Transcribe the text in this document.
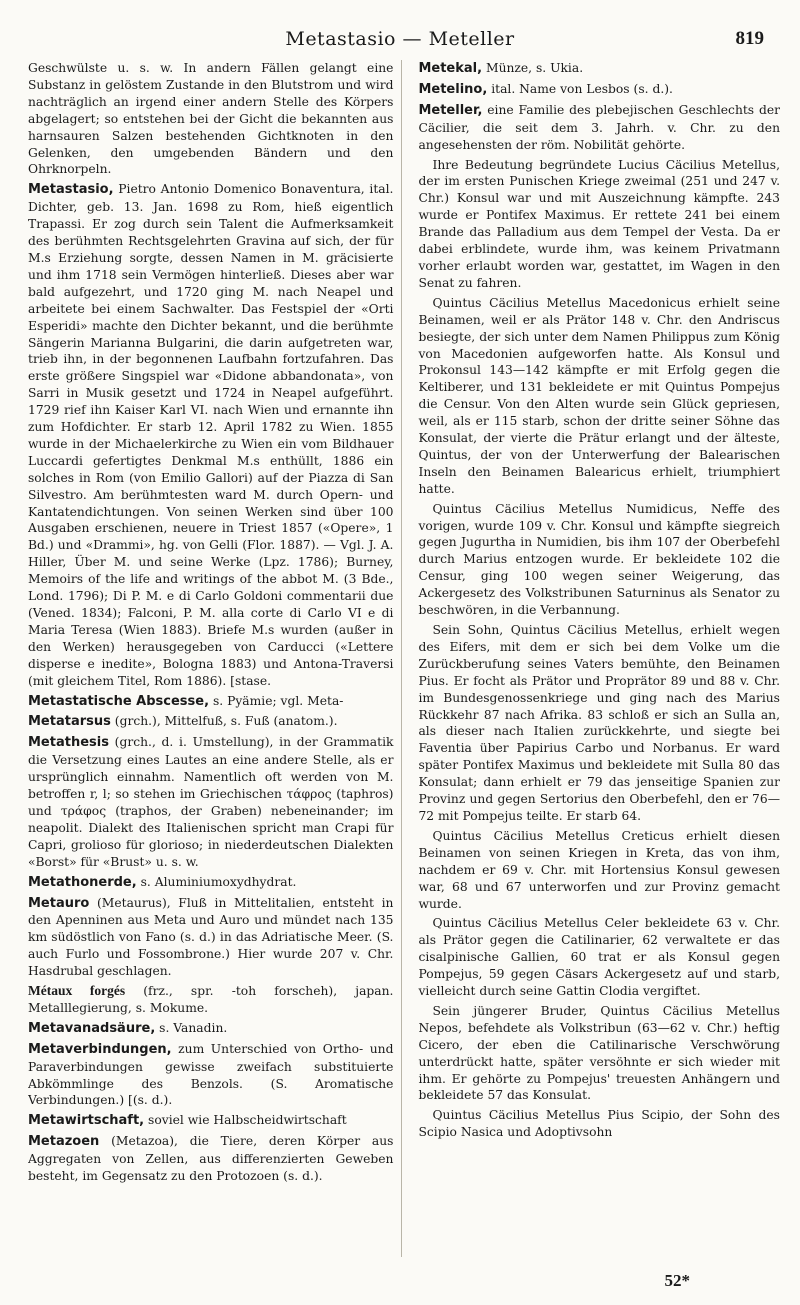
Metastasio — Meteller	819

Geschwülste u. s. w. In andern Fällen gelangt eine Substanz in gelöstem Zustande in den Blutstrom und wird nachträglich an irgend einer andern Stelle des Körpers abgelagert; so entstehen bei der Gicht die bekannten aus harnsauren Salzen bestehenden Gichtknoten in den Gelenken, den umgebenden Bändern und den Ohrknorpeln.

Metastasio, Pietro Antonio Domenico Bonaventura, ital. Dichter, geb. 13. Jan. 1698 zu Rom, hieß eigentlich Trapassi. Er zog durch sein Talent die Aufmerksamkeit des berühmten Rechtsgelehrten Gravina auf sich, der für M.s Erziehung sorgte, dessen Namen in M. gräcisierte und ihm 1718 sein Vermögen hinterließ. Dieses aber war bald aufgezehrt, und 1720 ging M. nach Neapel und arbeitete bei einem Sachwalter. Das Festspiel der «Orti Esperidi» machte den Dichter bekannt, und die berühmte Sängerin Marianna Bulgarini, die darin aufgetreten war, trieb ihn, in der begonnenen Laufbahn fortzufahren. Das erste größere Singspiel war «Didone abbandonata», von Sarri in Musik gesetzt und 1724 in Neapel aufgeführt. 1729 rief ihn Kaiser Karl VI. nach Wien und ernannte ihn zum Hofdichter. Er starb 12. April 1782 zu Wien. 1855 wurde in der Michaelerkirche zu Wien ein vom Bildhauer Luccardi gefertigtes Denkmal M.s enthüllt, 1886 ein solches in Rom (von Emilio Gallori) auf der Piazza di San Silvestro. Am berühmtesten ward M. durch Opern- und Kantatendichtungen. Von seinen Werken sind über 100 Ausgaben erschienen, neuere in Triest 1857 («Opere», 1 Bd.) und «Drammi», hg. von Gelli (Flor. 1887). — Vgl. J. A. Hiller, Über M. und seine Werke (Lpz. 1786); Burney, Memoirs of the life and writings of the abbot M. (3 Bde., Lond. 1796); Di P. M. e di Carlo Goldoni commentarii due (Vened. 1834); Falconi, P. M. alla corte di Carlo VI e di Maria Teresa (Wien 1883). Briefe M.s wurden (außer in den Werken) herausgegeben von Carducci («Lettere disperse e inedite», Bologna 1883) und Antona-Traversi (mit gleichem Titel, Rom 1886). [stase.

Metastatische Abscesse, s. Pyämie; vgl. Meta-

Metatarsus (grch.), Mittelfuß, s. Fuß (anatom.).

Metathesis (grch., d. i. Umstellung), in der Grammatik die Versetzung eines Lautes an eine andere Stelle, als er ursprünglich einnahm. Namentlich oft werden von M. betroffen r, l; so stehen im Griechischen τάφρος (taphros) und τράφος (traphos, der Graben) nebeneinander; im neapolit. Dialekt des Italienischen spricht man Crapi für Capri, grolioso für glorioso; in niederdeutschen Dialekten «Borst» für «Brust» u. s. w.

Metathonerde, s. Aluminiumoxydhydrat.

Metauro (Metaurus), Fluß in Mittelitalien, entsteht in den Apenninen aus Meta und Auro und mündet nach 135 km südöstlich von Fano (s. d.) in das Adriatische Meer. (S. auch Furlo und Fossombrone.) Hier wurde 207 v. Chr. Hasdrubal geschlagen.

Métaux forgés (frz., spr. -toh forscheh), japan. Metalllegierung, s. Mokume.

Metavanadsäure, s. Vanadin.

Metaverbindungen, zum Unterschied von Ortho- und Paraverbindungen gewisse zweifach substituierte Abkömmlinge des Benzols. (S. Aromatische Verbindungen.) [(s. d.).

Metawirtschaft, soviel wie Halbscheidwirtschaft

Metazoen (Metazoa), die Tiere, deren Körper aus Aggregaten von Zellen, aus differenzierten Geweben besteht, im Gegensatz zu den Protozoen (s. d.).

Metekal, Münze, s. Ukia.

Metelino, ital. Name von Lesbos (s. d.).

Meteller, eine Familie des plebejischen Geschlechts der Cäcilier, die seit dem 3. Jahrh. v. Chr. zu den angesehensten der röm. Nobilität gehörte.

Ihre Bedeutung begründete Lucius Cäcilius Metellus, der im ersten Punischen Kriege zweimal (251 und 247 v. Chr.) Konsul war und mit Auszeichnung kämpfte. 243 wurde er Pontifex Maximus. Er rettete 241 bei einem Brande das Palladium aus dem Tempel der Vesta. Da er dabei erblindete, wurde ihm, was keinem Privatmann vorher erlaubt worden war, gestattet, im Wagen in den Senat zu fahren.

Quintus Cäcilius Metellus Macedonicus erhielt seine Beinamen, weil er als Prätor 148 v. Chr. den Andriscus besiegte, der sich unter dem Namen Philippus zum König von Macedonien aufgeworfen hatte. Als Konsul und Prokonsul 143—142 kämpfte er mit Erfolg gegen die Keltiberer, und 131 bekleidete er mit Quintus Pompejus die Censur. Von den Alten wurde sein Glück gepriesen, weil, als er 115 starb, schon der dritte seiner Söhne das Konsulat, der vierte die Prätur erlangt und der älteste, Quintus, der von der Unterwerfung der Balearischen Inseln den Beinamen Balearicus erhielt, triumphiert hatte.

Quintus Cäcilius Metellus Numidicus, Neffe des vorigen, wurde 109 v. Chr. Konsul und kämpfte siegreich gegen Jugurtha in Numidien, bis ihm 107 der Oberbefehl durch Marius entzogen wurde. Er bekleidete 102 die Censur, ging 100 wegen seiner Weigerung, das Ackergesetz des Volkstribunen Saturninus als Senator zu beschwören, in die Verbannung.

Sein Sohn, Quintus Cäcilius Metellus, erhielt wegen des Eifers, mit dem er sich bei dem Volke um die Zurückberufung seines Vaters bemühte, den Beinamen Pius. Er focht als Prätor und Proprätor 89 und 88 v. Chr. im Bundesgenossenkriege und ging nach des Marius Rückkehr 87 nach Afrika. 83 schloß er sich an Sulla an, als dieser nach Italien zurückkehrte, und siegte bei Faventia über Papirius Carbo und Norbanus. Er ward später Pontifex Maximus und bekleidete mit Sulla 80 das Konsulat; dann erhielt er 79 das jenseitige Spanien zur Provinz und gegen Sertorius den Oberbefehl, den er 76—72 mit Pompejus teilte. Er starb 64.

Quintus Cäcilius Metellus Creticus erhielt diesen Beinamen von seinen Kriegen in Kreta, das von ihm, nachdem er 69 v. Chr. mit Hortensius Konsul gewesen war, 68 und 67 unterworfen und zur Provinz gemacht wurde.

Quintus Cäcilius Metellus Celer bekleidete 63 v. Chr. als Prätor gegen die Catilinarier, 62 verwaltete er das cisalpinische Gallien, 60 trat er als Konsul gegen Pompejus, 59 gegen Cäsars Ackergesetz auf und starb, vielleicht durch seine Gattin Clodia vergiftet.

Sein jüngerer Bruder, Quintus Cäcilius Metellus Nepos, befehdete als Volkstribun (63—62 v. Chr.) heftig Cicero, der eben die Catilinarische Verschwörung unterdrückt hatte, später versöhnte er sich wieder mit ihm. Er gehörte zu Pompejus' treuesten Anhängern und bekleidete 57 das Konsulat.

Quintus Cäcilius Metellus Pius Scipio, der Sohn des Scipio Nasica und Adoptivsohn

52*
